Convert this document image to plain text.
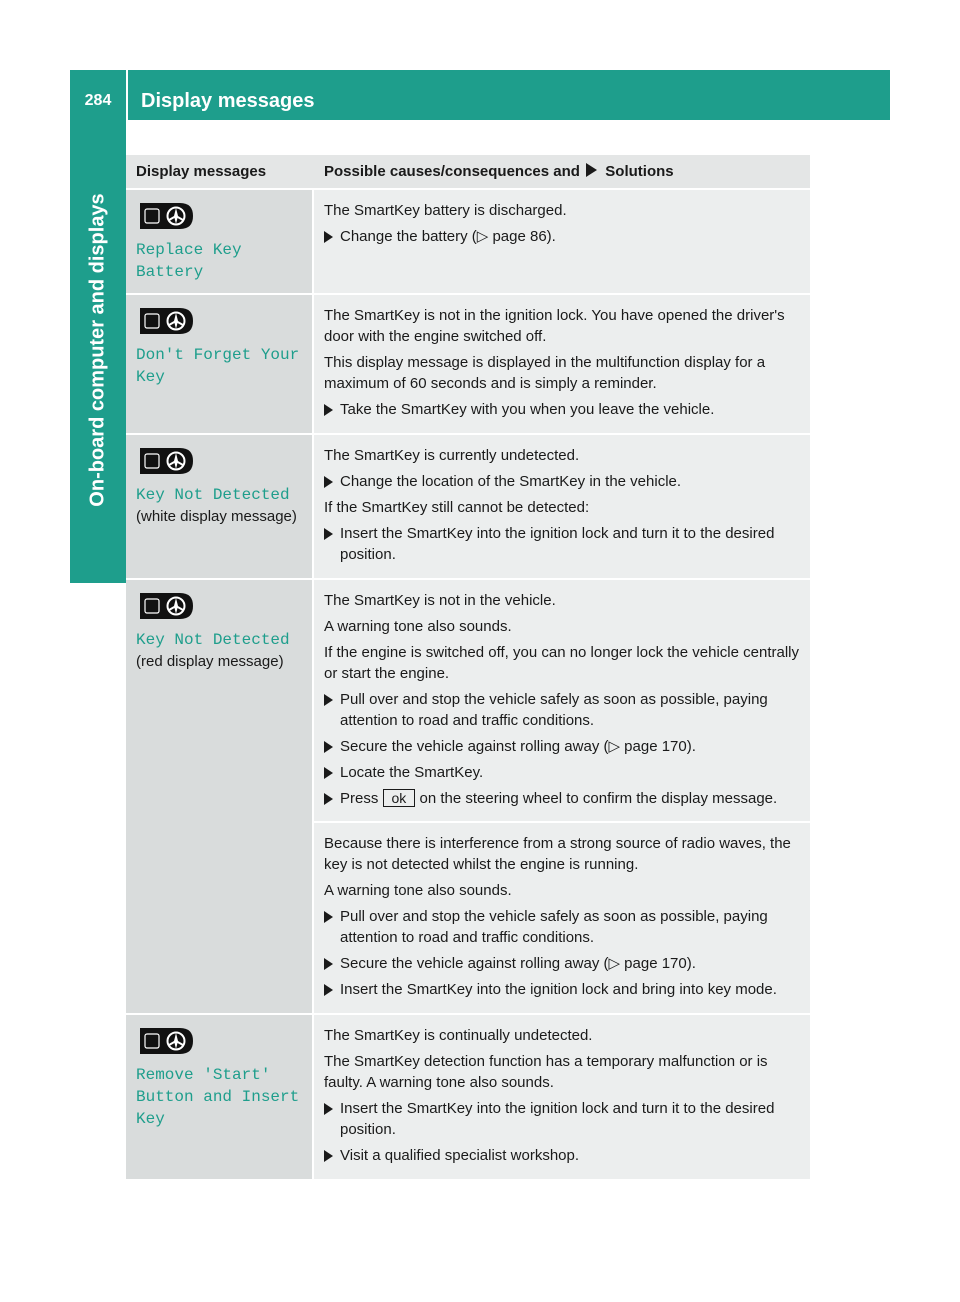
284	Display messages
On-board computer and displays
Display messages	Possible causes/consequences and Solutions
Replace Key Battery
The SmartKey battery is discharged.
Change the battery (▷ page 86).
Don't Forget Your
Key
The SmartKey is not in the ignition lock. You have opened the driver's door with the engine switched off.
This display message is displayed in the multifunction display for a maximum of 60 seconds and is simply a reminder.
Take the SmartKey with you when you leave the vehicle.
Key Not Detected
(white display message)
The SmartKey is currently undetected.
Change the location of the SmartKey in the vehicle.
If the SmartKey still cannot be detected:
Insert the SmartKey into the ignition lock and turn it to the desired position.
Key Not Detected
(red display message)
The SmartKey is not in the vehicle.
A warning tone also sounds.
If the engine is switched off, you can no longer lock the vehicle centrally or start the engine.
Pull over and stop the vehicle safely as soon as possible, paying attention to road and traffic conditions.
Secure the vehicle against rolling away (▷ page 170).
Locate the SmartKey.
Press ok on the steering wheel to confirm the display message.
Because there is interference from a strong source of radio waves, the key is not detected whilst the engine is running.
A warning tone also sounds.
Pull over and stop the vehicle safely as soon as possible, paying attention to road and traffic conditions.
Secure the vehicle against rolling away (▷ page 170).
Insert the SmartKey into the ignition lock and bring into key mode.
Remove 'Start' Button and Insert Key
The SmartKey is continually undetected.
The SmartKey detection function has a temporary malfunction or is faulty. A warning tone also sounds.
Insert the SmartKey into the ignition lock and turn it to the desired position.
Visit a qualified specialist workshop.
